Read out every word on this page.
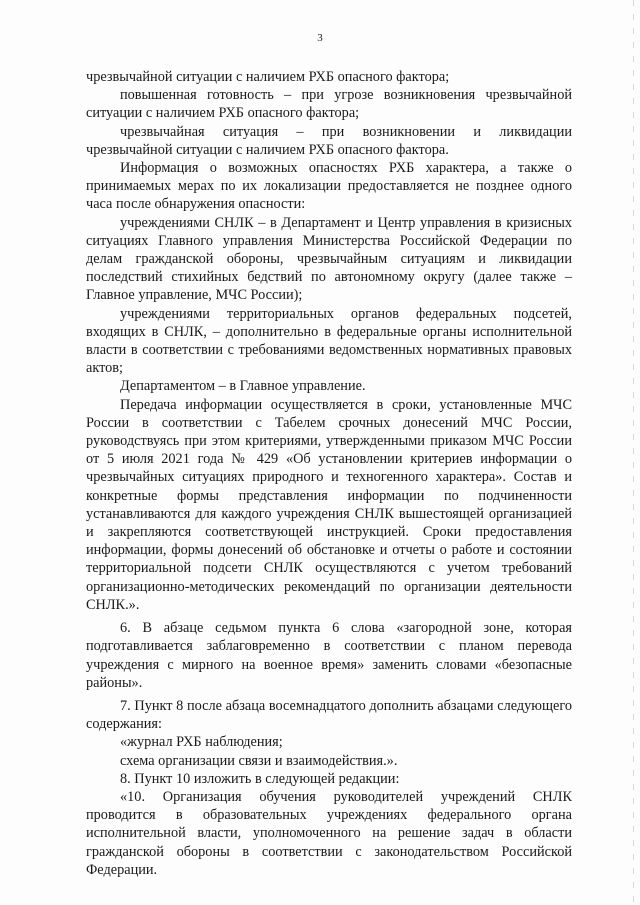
3

чрезвычайной ситуации с наличием РХБ опасного фактора;

повышенная готовность – при угрозе возникновения чрезвычайной ситуации с наличием РХБ опасного фактора;

чрезвычайная ситуация – при возникновении и ликвидации чрезвычайной ситуации с наличием РХБ опасного фактора.

Информация о возможных опасностях РХБ характера, а также о принимаемых мерах по их локализации предоставляется не позднее одного часа после обнаружения опасности:

учреждениями СНЛК – в Департамент и Центр управления в кризисных ситуациях Главного управления Министерства Российской Федерации по делам гражданской обороны, чрезвычайным ситуациям и ликвидации последствий стихийных бедствий по автономному округу (далее также – Главное управление, МЧС России);

учреждениями территориальных органов федеральных подсетей, входящих в СНЛК, – дополнительно в федеральные органы исполнительной власти в соответствии с требованиями ведомственных нормативных правовых актов;

Департаментом – в Главное управление.

Передача информации осуществляется в сроки, установленные МЧС России в соответствии с Табелем срочных донесений МЧС России, руководствуясь при этом критериями, утвержденными приказом МЧС России от 5 июля 2021 года № 429 «Об установлении критериев информации о чрезвычайных ситуациях природного и техногенного характера». Состав и конкретные формы представления информации по подчиненности устанавливаются для каждого учреждения СНЛК вышестоящей организацией и закрепляются соответствующей инструкцией. Сроки предоставления информации, формы донесений об обстановке и отчеты о работе и состоянии территориальной подсети СНЛК осуществляются с учетом требований организационно-методических рекомендаций по организации деятельности СНЛК.».

6. В абзаце седьмом пункта 6 слова «загородной зоне, которая подготавливается заблаговременно в соответствии с планом перевода учреждения с мирного на военное время» заменить словами «безопасные районы».

7. Пункт 8 после абзаца восемнадцатого дополнить абзацами следующего содержания:

«журнал РХБ наблюдения;

схема организации связи и взаимодействия.».

8. Пункт 10 изложить в следующей редакции:

«10. Организация обучения руководителей учреждений СНЛК проводится в образовательных учреждениях федерального органа исполнительной власти, уполномоченного на решение задач в области гражданской обороны в соответствии с законодательством Российской Федерации.
